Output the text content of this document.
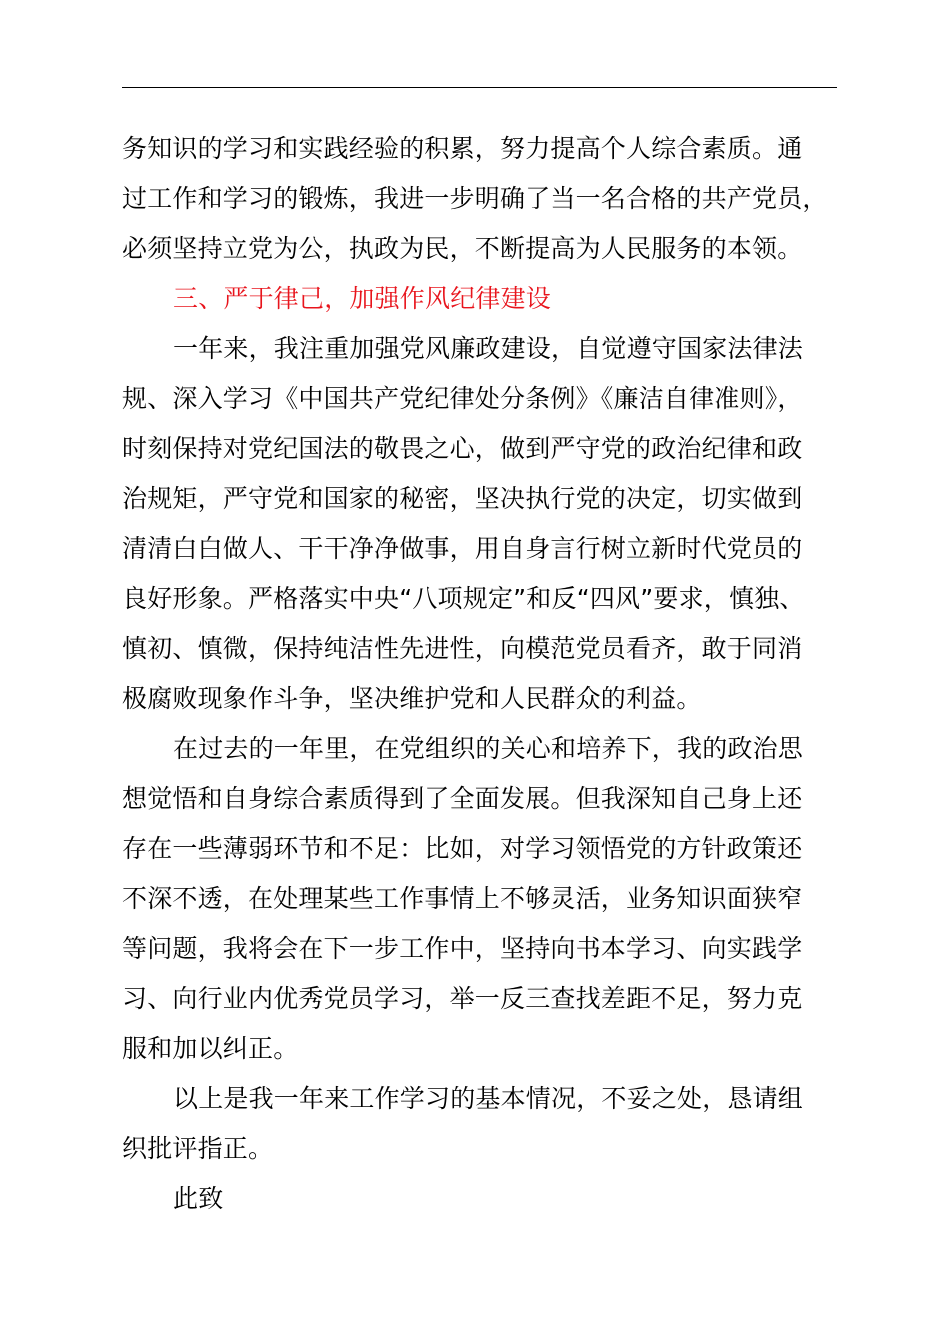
务知识的学习和实践经验的积累，努力提高个人综合素质。通
过工作和学习的锻炼，我进一步明确了当一名合格的共产党员，
必须坚持立党为公，执政为民，不断提高为人民服务的本领。
三、严于律己，加强作风纪律建设
一年来，我注重加强党风廉政建设，自觉遵守国家法律法
规、深入学习《中国共产党纪律处分条例》《廉洁自律准则》，
时刻保持对党纪国法的敬畏之心，做到严守党的政治纪律和政
治规矩，严守党和国家的秘密，坚决执行党的决定，切实做到
清清白白做人、干干净净做事，用自身言行树立新时代党员的
良好形象。严格落实中央“八项规定”和反“四风”要求，慎独、
慎初、慎微，保持纯洁性先进性，向模范党员看齐，敢于同消
极腐败现象作斗争，坚决维护党和人民群众的利益。
在过去的一年里，在党组织的关心和培养下，我的政治思
想觉悟和自身综合素质得到了全面发展。但我深知自己身上还
存在一些薄弱环节和不足：比如，对学习领悟党的方针政策还
不深不透，在处理某些工作事情上不够灵活，业务知识面狭窄
等问题，我将会在下一步工作中，坚持向书本学习、向实践学
习、向行业内优秀党员学习，举一反三查找差距不足，努力克
服和加以纠正。
以上是我一年来工作学习的基本情况，不妥之处，恳请组
织批评指正。
此致
